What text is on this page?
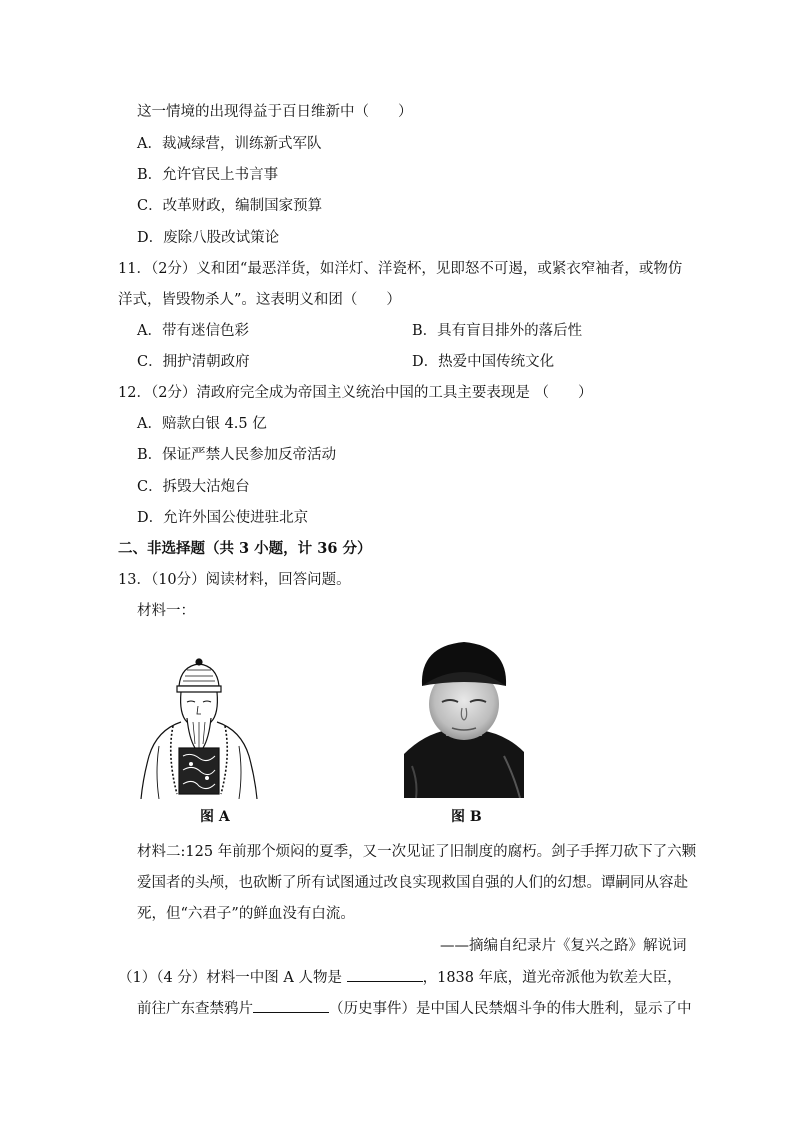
这一情境的出现得益于百日维新中（　　）
A．裁减绿营，训练新式军队
B．允许官民上书言事
C．改革财政，编制国家预算
D．废除八股改试策论
11．（2分）义和团“最恶洋货，如洋灯、洋瓷杯，见即怒不可遏，或紧衣窄袖者，或物仿
洋式，皆毁物杀人”。这表明义和团（　　）
A．带有迷信色彩	B．具有盲目排外的落后性
C．拥护清朝政府	D．热爱中国传统文化
12．（2分）清政府完全成为帝国主义统治中国的工具主要表现是 （　　）
A．赔款白银 4.5 亿
B．保证严禁人民参加反帝活动
C．拆毁大沽炮台
D．允许外国公使进驻北京
二、非选择题（共 3 小题，计 36 分）
13．（10分）阅读材料，回答问题。
材料一：
图 A	图 B
材料二:125 年前那个烦闷的夏季，又一次见证了旧制度的腐朽。剑子手挥刀砍下了六颗
爱国者的头颅，也砍断了所有试图通过改良实现救国自强的人们的幻想。谭嗣同从容赴
死，但“六君子”的鲜血没有白流。
——摘编自纪录片《复兴之路》解说词
（1）（4 分）材料一中图 A 人物是	，1838 年底，道光帝派他为钦差大臣，
前往广东查禁鸦片	（历史事件）是中国人民禁烟斗争的伟大胜利，显示了中
